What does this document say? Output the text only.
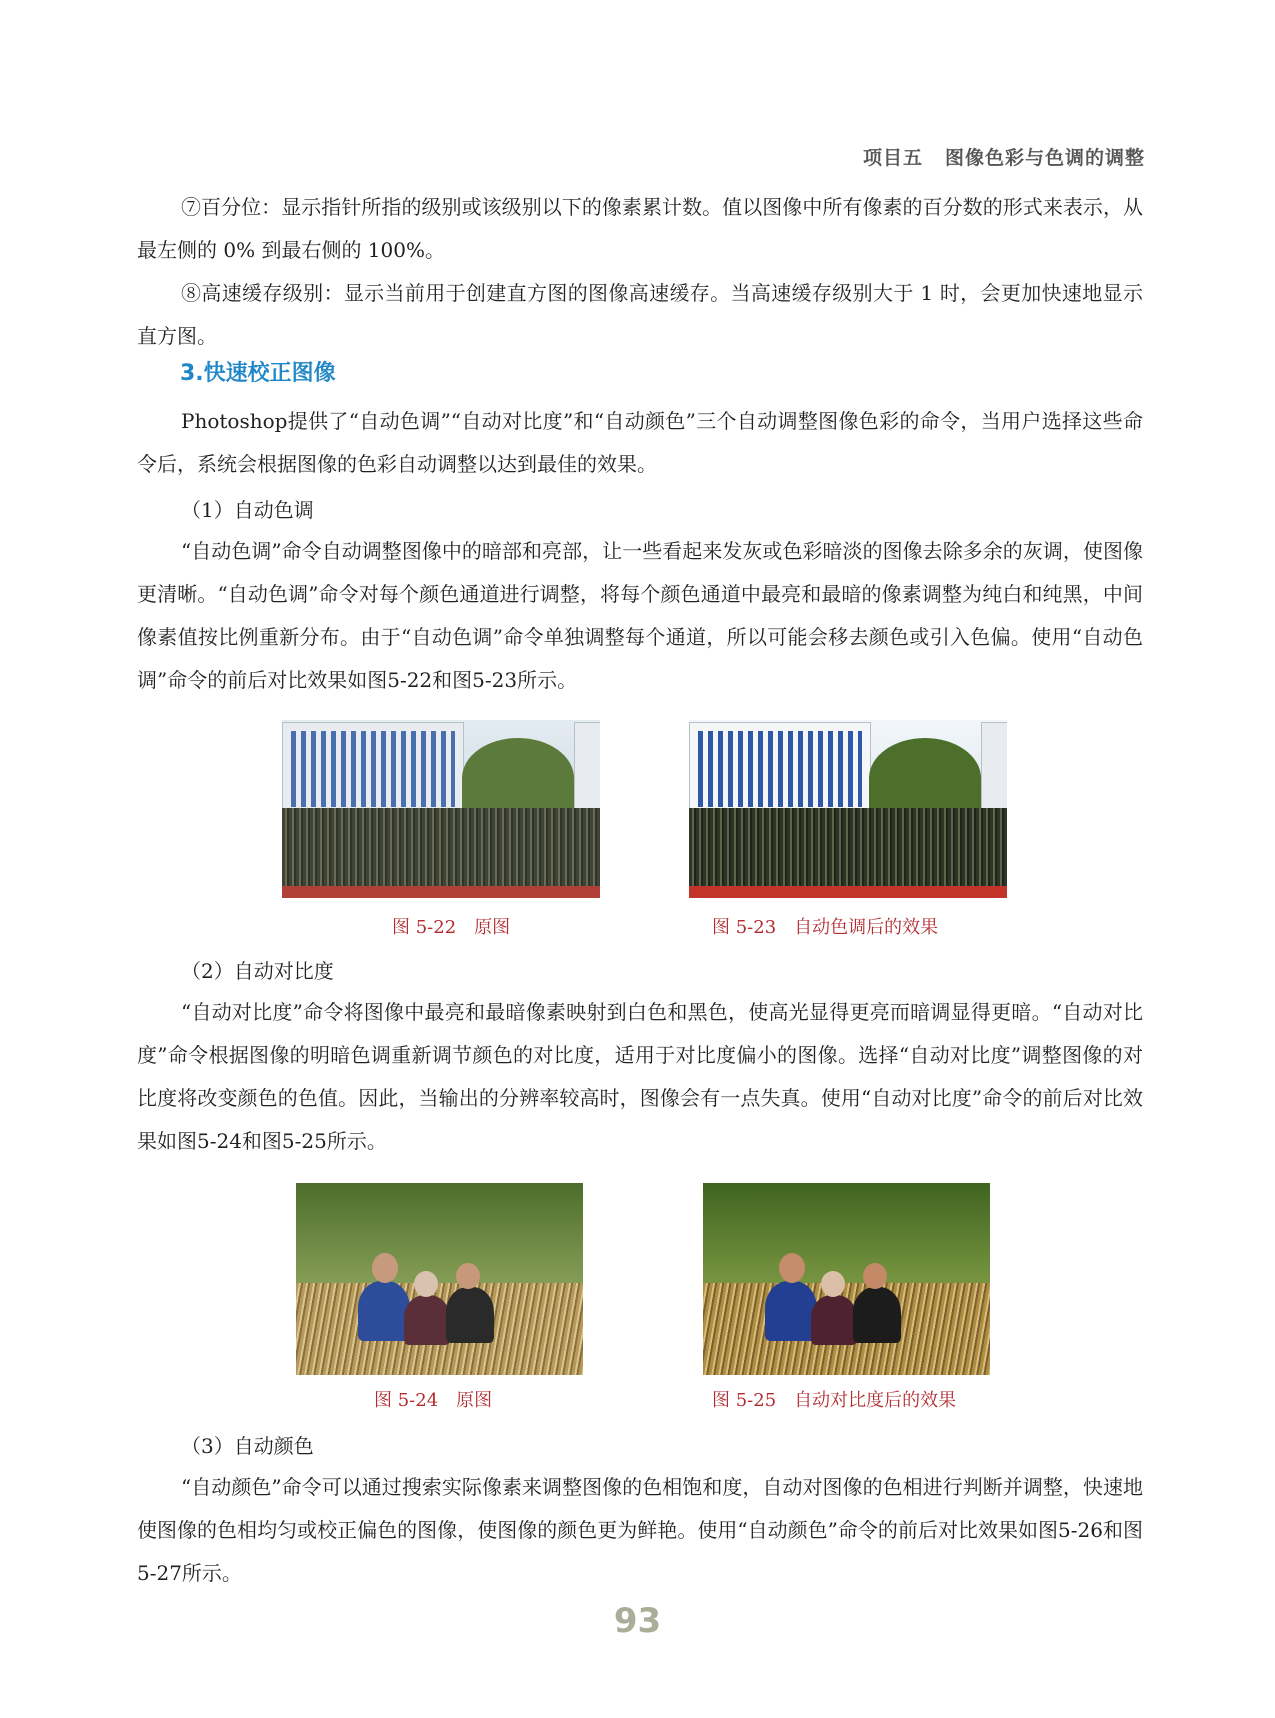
项目五 图像色彩与色调的调整

⑦百分位：显示指针所指的级别或该级别以下的像素累计数。值以图像中所有像素的百分数的形式来表示，从最左侧的 0% 到最右侧的 100%。

⑧高速缓存级别：显示当前用于创建直方图的图像高速缓存。当高速缓存级别大于 1 时，会更加快速地显示直方图。

3.快速校正图像

Photoshop提供了“自动色调”“自动对比度”和“自动颜色”三个自动调整图像色彩的命令，当用户选择这些命令后，系统会根据图像的色彩自动调整以达到最佳的效果。

（1）自动色调

“自动色调”命令自动调整图像中的暗部和亮部，让一些看起来发灰或色彩暗淡的图像去除多余的灰调，使图像更清晰。“自动色调”命令对每个颜色通道进行调整，将每个颜色通道中最亮和最暗的像素调整为纯白和纯黑，中间像素值按比例重新分布。由于“自动色调”命令单独调整每个通道，所以可能会移去颜色或引入色偏。使用“自动色调”命令的前后对比效果如图5-22和图5-23所示。

图 5-22 原图	图 5-23 自动色调后的效果
（2）自动对比度

“自动对比度”命令将图像中最亮和最暗像素映射到白色和黑色，使高光显得更亮而暗调显得更暗。“自动对比度”命令根据图像的明暗色调重新调节颜色的对比度，适用于对比度偏小的图像。选择“自动对比度”调整图像的对比度将改变颜色的色值。因此，当输出的分辨率较高时，图像会有一点失真。使用“自动对比度”命令的前后对比效果如图5-24和图5-25所示。

图 5-24 原图	图 5-25 自动对比度后的效果
（3）自动颜色

“自动颜色”命令可以通过搜索实际像素来调整图像的色相饱和度，自动对图像的色相进行判断并调整，快速地使图像的色相均匀或校正偏色的图像，使图像的颜色更为鲜艳。使用“自动颜色”命令的前后对比效果如图5-26和图5-27所示。

93
